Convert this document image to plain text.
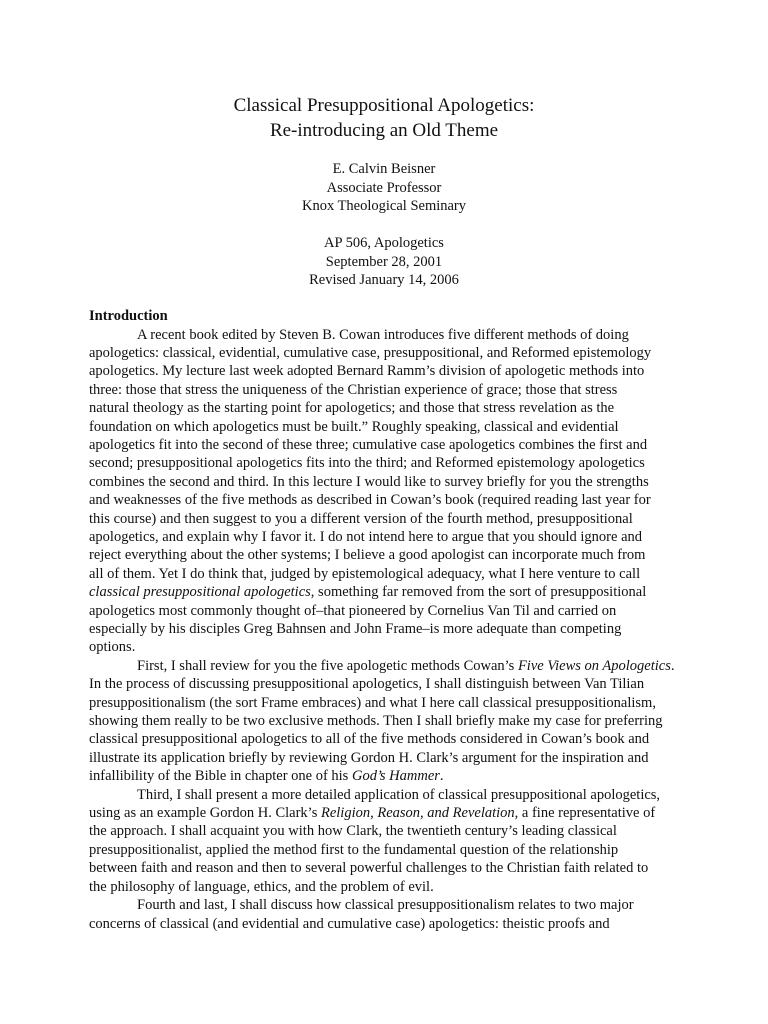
Classical Presuppositional Apologetics:

Re-introducing an Old Theme

E. Calvin Beisner

Associate Professor

Knox Theological Seminary

AP 506, Apologetics

September 28, 2001

Revised January 14, 2006

Introduction

A recent book edited by Steven B. Cowan introduces five different methods of doing
apologetics: classical, evidential, cumulative case, presuppositional, and Reformed epistemology
apologetics. My lecture last week adopted Bernard Ramm’s division of apologetic methods into
three: those that stress the uniqueness of the Christian experience of grace; those that stress
natural theology as the starting point for apologetics; and those that stress revelation as the
foundation on which apologetics must be built.” Roughly speaking, classical and evidential
apologetics fit into the second of these three; cumulative case apologetics combines the first and
second; presuppositional apologetics fits into the third; and Reformed epistemology apologetics
combines the second and third. In this lecture I would like to survey briefly for you the strengths
and weaknesses of the five methods as described in Cowan’s book (required reading last year for
this course) and then suggest to you a different version of the fourth method, presuppositional
apologetics, and explain why I favor it. I do not intend here to argue that you should ignore and
reject everything about the other systems; I believe a good apologist can incorporate much from
all of them. Yet I do think that, judged by epistemological adequacy, what I here venture to call
classical presuppositional apologetics, something far removed from the sort of presuppositional
apologetics most commonly thought of–that pioneered by Cornelius Van Til and carried on
especially by his disciples Greg Bahnsen and John Frame–is more adequate than competing
options.
First, I shall review for you the five apologetic methods Cowan’s Five Views on Apologetics.
In the process of discussing presuppositional apologetics, I shall distinguish between Van Tilian
presuppositionalism (the sort Frame embraces) and what I here call classical presuppositionalism,
showing them really to be two exclusive methods. Then I shall briefly make my case for preferring
classical presuppositional apologetics to all of the five methods considered in Cowan’s book and
illustrate its application briefly by reviewing Gordon H. Clark’s argument for the inspiration and
infallibility of the Bible in chapter one of his God’s Hammer.
Third, I shall present a more detailed application of classical presuppositional apologetics,
using as an example Gordon H. Clark’s Religion, Reason, and Revelation, a fine representative of
the approach. I shall acquaint you with how Clark, the twentieth century’s leading classical
presuppositionalist, applied the method first to the fundamental question of the relationship
between faith and reason and then to several powerful challenges to the Christian faith related to
the philosophy of language, ethics, and the problem of evil.
Fourth and last, I shall discuss how classical presuppositionalism relates to two major
concerns of classical (and evidential and cumulative case) apologetics: theistic proofs and
